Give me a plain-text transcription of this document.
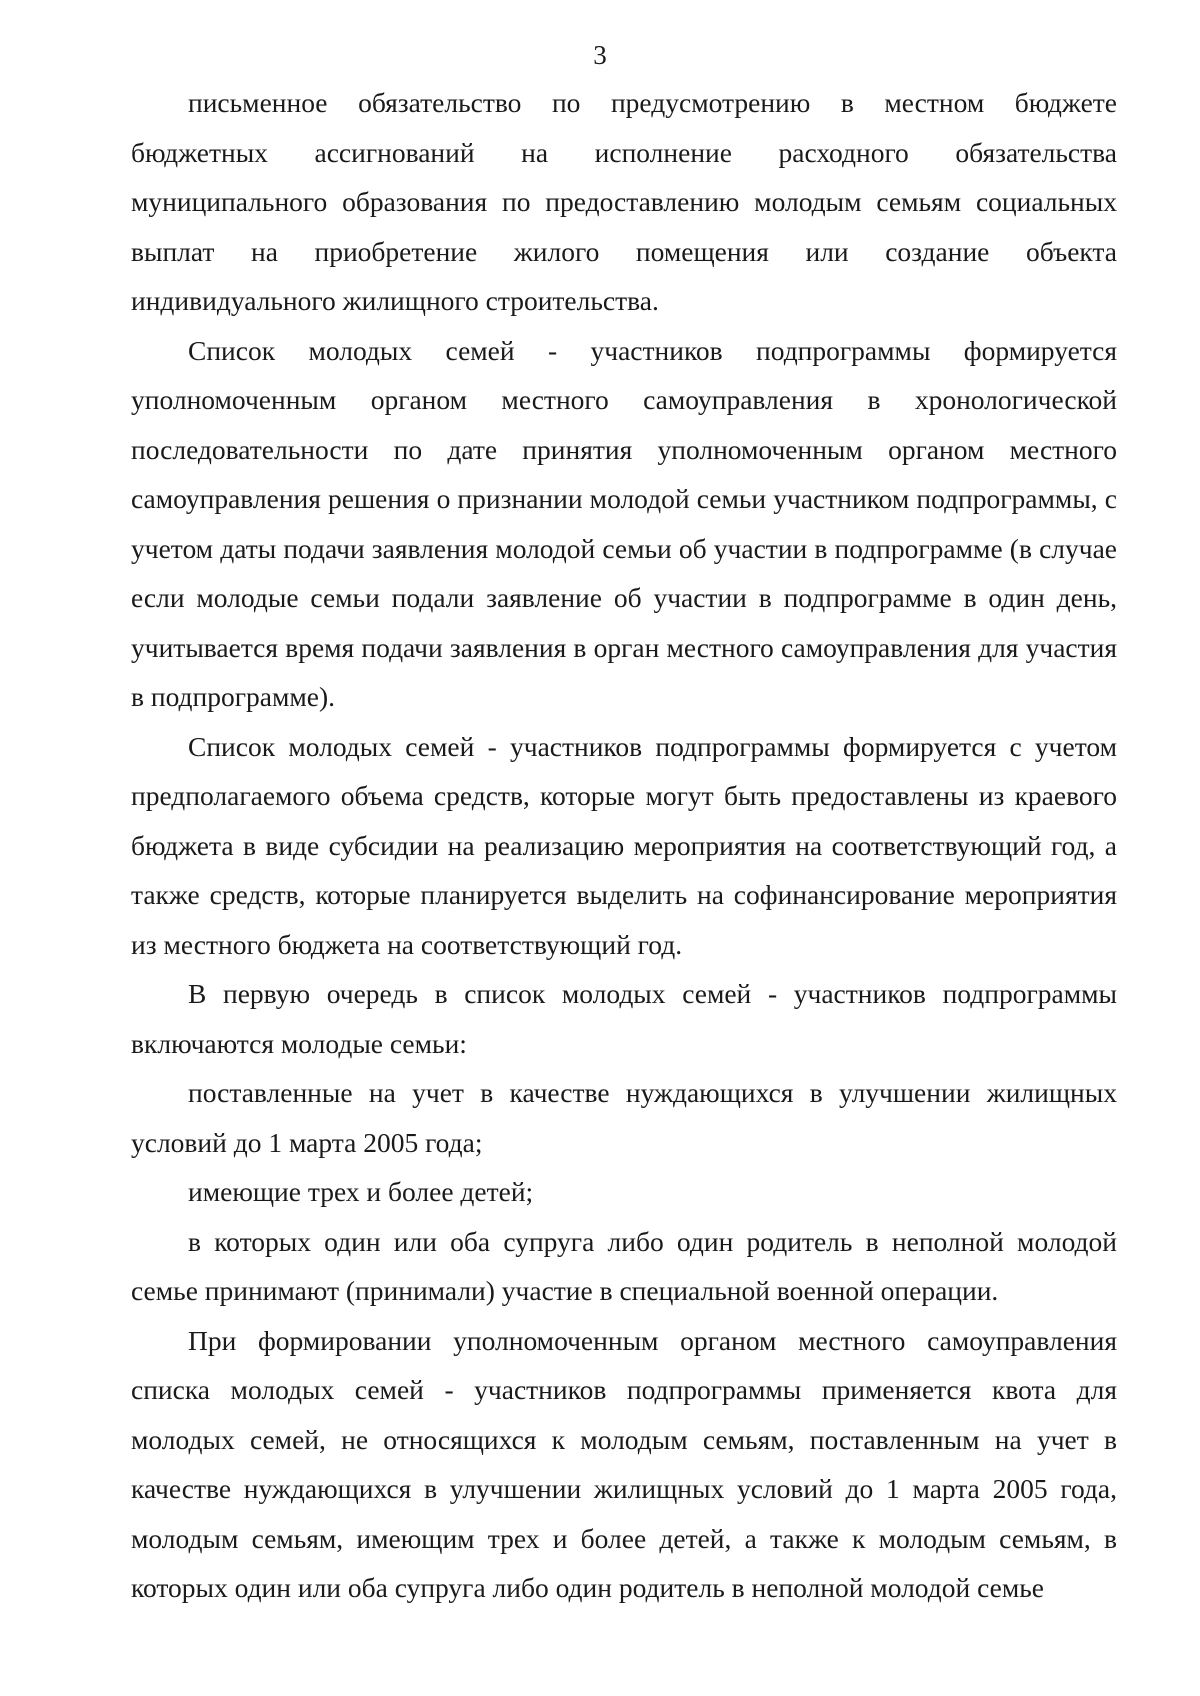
3

письменное обязательство по предусмотрению в местном бюджете бюджетных ассигнований на исполнение расходного обязательства муниципального образования по предоставлению молодым семьям социальных выплат на приобретение жилого помещения или создание объекта индивидуального жилищного строительства.

Список молодых семей - участников подпрограммы формируется уполномоченным органом местного самоуправления в хронологической последовательности по дате принятия уполномоченным органом местного самоуправления решения о признании молодой семьи участником подпрограммы, с учетом даты подачи заявления молодой семьи об участии в подпрограмме (в случае если молодые семьи подали заявление об участии в подпрограмме в один день, учитывается время подачи заявления в орган местного самоуправления для участия в подпрограмме).

Список молодых семей - участников подпрограммы формируется с учетом предполагаемого объема средств, которые могут быть предоставлены из краевого бюджета в виде субсидии на реализацию мероприятия на соответствующий год, а также средств, которые планируется выделить на софинансирование мероприятия из местного бюджета на соответствующий год.

В первую очередь в список молодых семей - участников подпрограммы включаются молодые семьи:

поставленные на учет в качестве нуждающихся в улучшении жилищных условий до 1 марта 2005 года;

имеющие трех и более детей;

в которых один или оба супруга либо один родитель в неполной молодой семье принимают (принимали) участие в специальной военной операции.

При формировании уполномоченным органом местного самоуправления списка молодых семей - участников подпрограммы применяется квота для молодых семей, не относящихся к молодым семьям, поставленным на учет в качестве нуждающихся в улучшении жилищных условий до 1 марта 2005 года, молодым семьям, имеющим трех и более детей, а также к молодым семьям, в которых один или оба супруга либо один родитель в неполной молодой семье
